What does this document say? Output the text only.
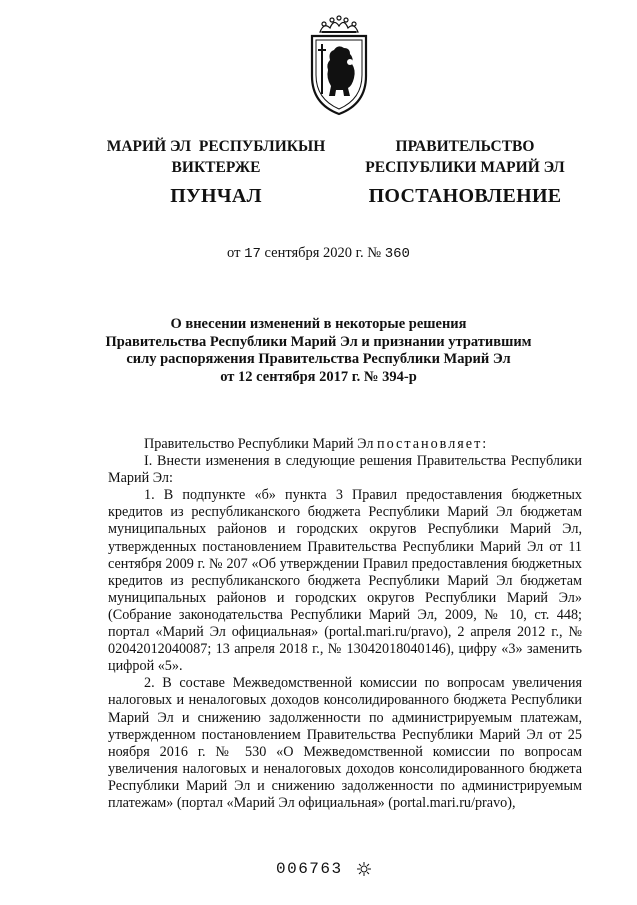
МАРИЙ ЭЛ  РЕСПУБЛИКЫН
ВИКТЕРЖЕ
ПУНЧАЛ
ПРАВИТЕЛЬСТВО
РЕСПУБЛИКИ МАРИЙ ЭЛ
ПОСТАНОВЛЕНИЕ
от 17 сентября 2020 г. № 360
О внесении изменений в некоторые решения
Правительства Республики Марий Эл и признании утратившим
силу распоряжения Правительства Республики Марий Эл
от 12 сентября 2017 г. № 394-р

Правительство Республики Марий Эл постановляет:

I. Внести изменения в следующие решения Правительства Республики Марий Эл:

1. В подпункте «б» пункта 3 Правил предоставления бюджетных кредитов из республиканского бюджета Республики Марий Эл бюджетам муниципальных районов и городских округов Республики Марий Эл, утвержденных постановлением Правительства Республики Марий Эл от 11 сентября 2009 г. № 207 «Об утверждении Правил предоставления бюджетных кредитов из республиканского бюджета Республики Марий Эл бюджетам муниципальных районов и городских округов Республики Марий Эл» (Собрание законодательства Республики Марий Эл, 2009, № 10, ст. 448; портал «Марий Эл официальная» (portal.mari.ru/pravo), 2 апреля 2012 г., № 02042012040087; 13 апреля 2018 г., № 13042018040146), цифру «3» заменить цифрой «5».

2. В составе Межведомственной комиссии по вопросам увеличения налоговых и неналоговых доходов консолидированного бюджета Республики Марий Эл и снижению задолженности по администрируемым платежам, утвержденном постановлением Правительства Республики Марий Эл от 25 ноября 2016 г. № 530 «О Межведомственной комиссии по вопросам увеличения налоговых и неналоговых доходов консолидированного бюджета Республики Марий Эл и снижению задолженности по администрируемым платежам» (портал «Марий Эл официальная» (portal.mari.ru/pravo),

006763
